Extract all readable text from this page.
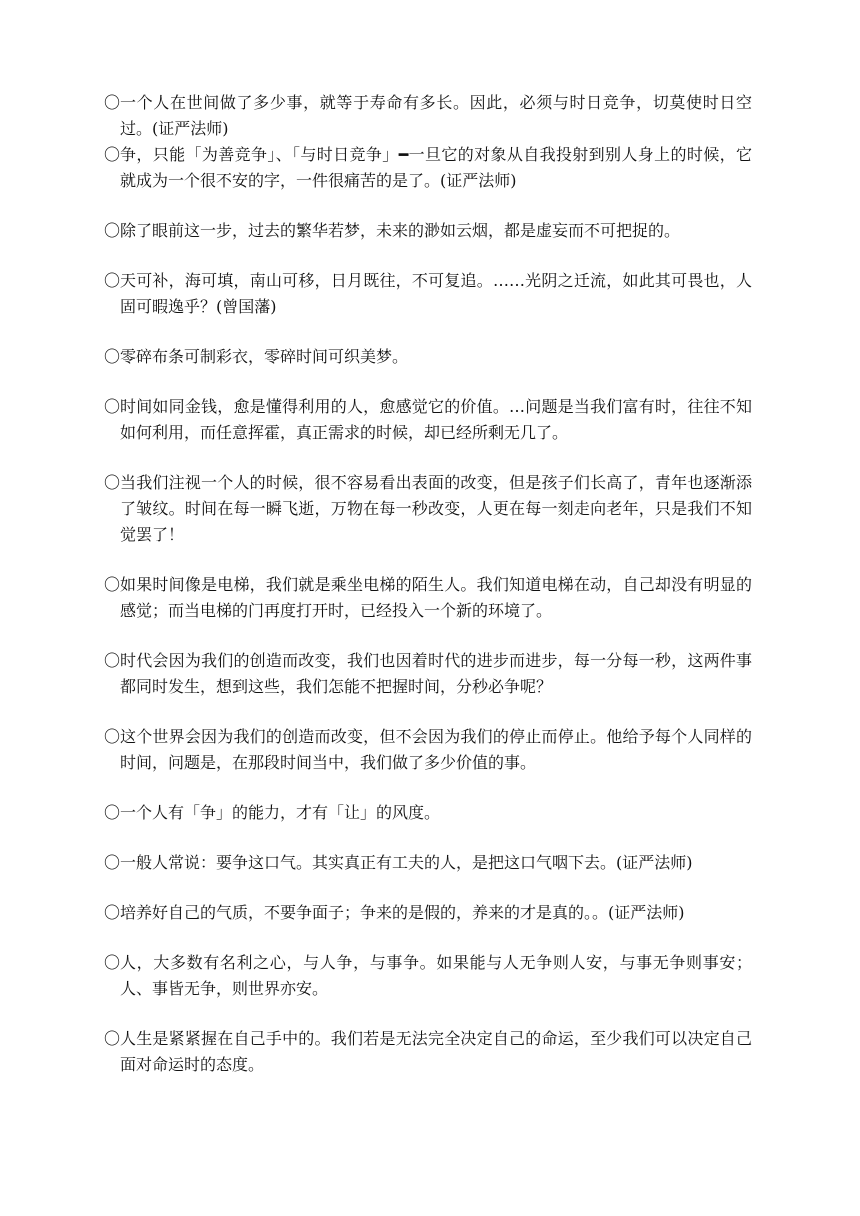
〇 一个人在世间做了多少事，就等于寿命有多长。因此，必须与时日竞争，切莫使时日空过。(证严法师)

〇 争，只能「为善竞争」、「与时日竞争」━一旦它的对象从自我投射到别人身上的时候，它就成为一个很不安的字，一件很痛苦的是了。(证严法师)

〇 除了眼前这一步，过去的繁华若梦，未来的渺如云烟，都是虚妄而不可把捉的。

〇 天可补，海可填，南山可移，日月既往，不可复追。……光阴之迁流，如此其可畏也，人固可暇逸乎？(曾国藩)

〇 零碎布条可制彩衣，零碎时间可织美梦。

〇 时间如同金钱，愈是懂得利用的人，愈感觉它的价值。…问题是当我们富有时，往往不知如何利用，而任意挥霍，真正需求的时候，却已经所剩无几了。

〇 当我们注视一个人的时候，很不容易看出表面的改变，但是孩子们长高了，青年也逐渐添了皱纹。时间在每一瞬飞逝，万物在每一秒改变，人更在每一刻走向老年，只是我们不知觉罢了！

〇 如果时间像是电梯，我们就是乘坐电梯的陌生人。我们知道电梯在动，自己却没有明显的感觉；而当电梯的门再度打开时，已经投入一个新的环境了。

〇 时代会因为我们的创造而改变，我们也因着时代的进步而进步，每一分每一秒，这两件事都同时发生，想到这些，我们怎能不把握时间，分秒必争呢？

〇 这个世界会因为我们的创造而改变，但不会因为我们的停止而停止。他给予每个人同样的时间，问题是，在那段时间当中，我们做了多少价值的事。

〇 一个人有「争」的能力，才有「让」的风度。

〇 一般人常说：要争这口气。其实真正有工夫的人，是把这口气咽下去。(证严法师)

〇 培养好自己的气质，不要争面子；争来的是假的，养来的才是真的。。(证严法师)

〇 人，大多数有名利之心，与人争，与事争。如果能与人无争则人安，与事无争则事安；人、事皆无争，则世界亦安。

〇 人生是紧紧握在自己手中的。我们若是无法完全决定自己的命运，至少我们可以决定自己面对命运时的态度。
